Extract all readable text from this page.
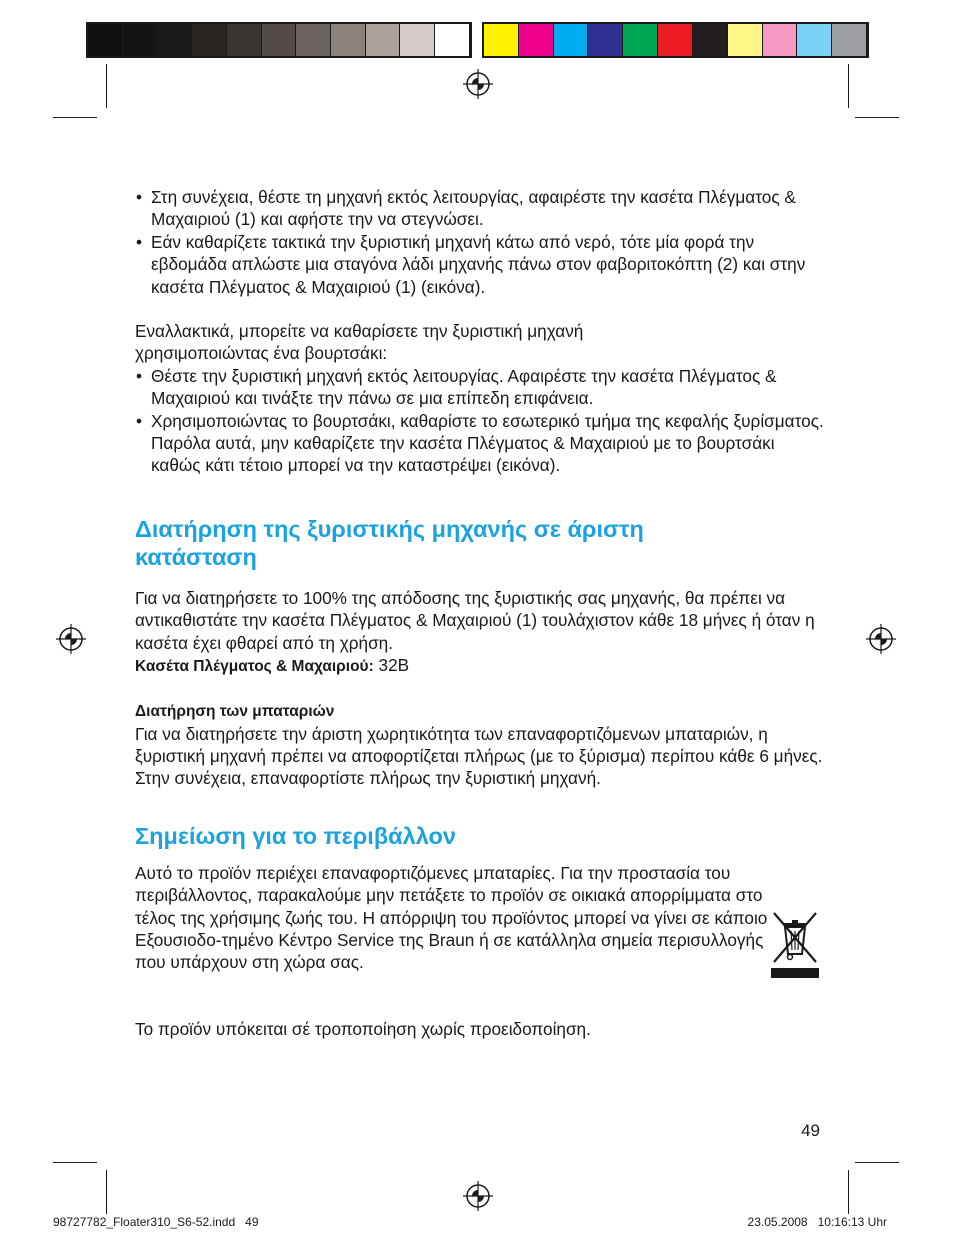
• Στη συνέχεια, θέστε τη μηχανή εκτός λειτουργίας, αφαιρέστε την κασέτα Πλέγματος & Μαχαιριού (1) και αφήστε την να στεγνώσει.
• Εάν καθαρίζετε τακτικά την ξυριστική μηχανή κάτω από νερό, τότε μία φορά την εβδομάδα απλώστε μια σταγόνα λάδι μηχανής πάνω στον φαβοριτοκόπτη (2) και στην κασέτα Πλέγματος & Μαχαιριού (1) (εικόνα).

Εναλλακτικά, μπορείτε να καθαρίσετε την ξυριστική μηχανή χρησιμοποιώντας ένα βουρτσάκι:

• Θέστε την ξυριστική μηχανή εκτός λειτουργίας. Αφαιρέστε την κασέτα Πλέγματος & Μαχαιριού και τινάξτε την πάνω σε μια επίπεδη επιφάνεια.
• Χρησιμοποιώντας το βουρτσάκι, καθαρίστε το εσωτερικό τμήμα της κεφαλής ξυρίσματος. Παρόλα αυτά, μην καθαρίζετε την κασέτα Πλέγματος & Μαχαιριού με το βουρτσάκι καθώς κάτι τέτοιο μπορεί να την καταστρέψει (εικόνα).
Διατήρηση της ξυριστικής μηχανής σε άριστη κατάσταση

Για να διατηρήσετε το 100% της απόδοσης της ξυριστικής σας μηχανής, θα πρέπει να αντικαθιστάτε την κασέτα Πλέγματος & Μαχαιριού (1) τουλάχιστον κάθε 18 μήνες ή όταν η κασέτα έχει φθαρεί από τη χρήση.

Κασέτα Πλέγματος & Μαχαιριού: 32B

Διατήρηση των μπαταριών

Για να διατηρήσετε την άριστη χωρητικότητα των επαναφορτιζόμενων μπαταριών, η ξυριστική μηχανή πρέπει να αποφορτίζεται πλήρως (με το ξύρισμα) περίπου κάθε 6 μήνες. Στην συνέχεια, επαναφορτίστε πλήρως την ξυριστική μηχανή.

Σημείωση για το περιβάλλον

Αυτό το προϊόν περιέχει επαναφορτιζόμενες μπαταρίες. Για την προστασία του περιβάλλοντος, παρακαλούμε μην πετάξετε το προϊόν σε οικιακά απορρίμματα στο τέλος της χρήσιμης ζωής του. Η απόρριψη του προϊόντος μπορεί να γίνει σε κάποιο Εξουσιοδο-τημένο Κέντρο Service της Braun ή σε κατάλληλα σημεία περισυλλογής που υπάρχουν στη χώρα σας.

Το προϊόν υπόκειται σέ τροποποίηση χωρίς προειδοποίηση.

49
98727782_Floater310_S6-52.indd   49	23.05.2008   10:16:13 Uhr
